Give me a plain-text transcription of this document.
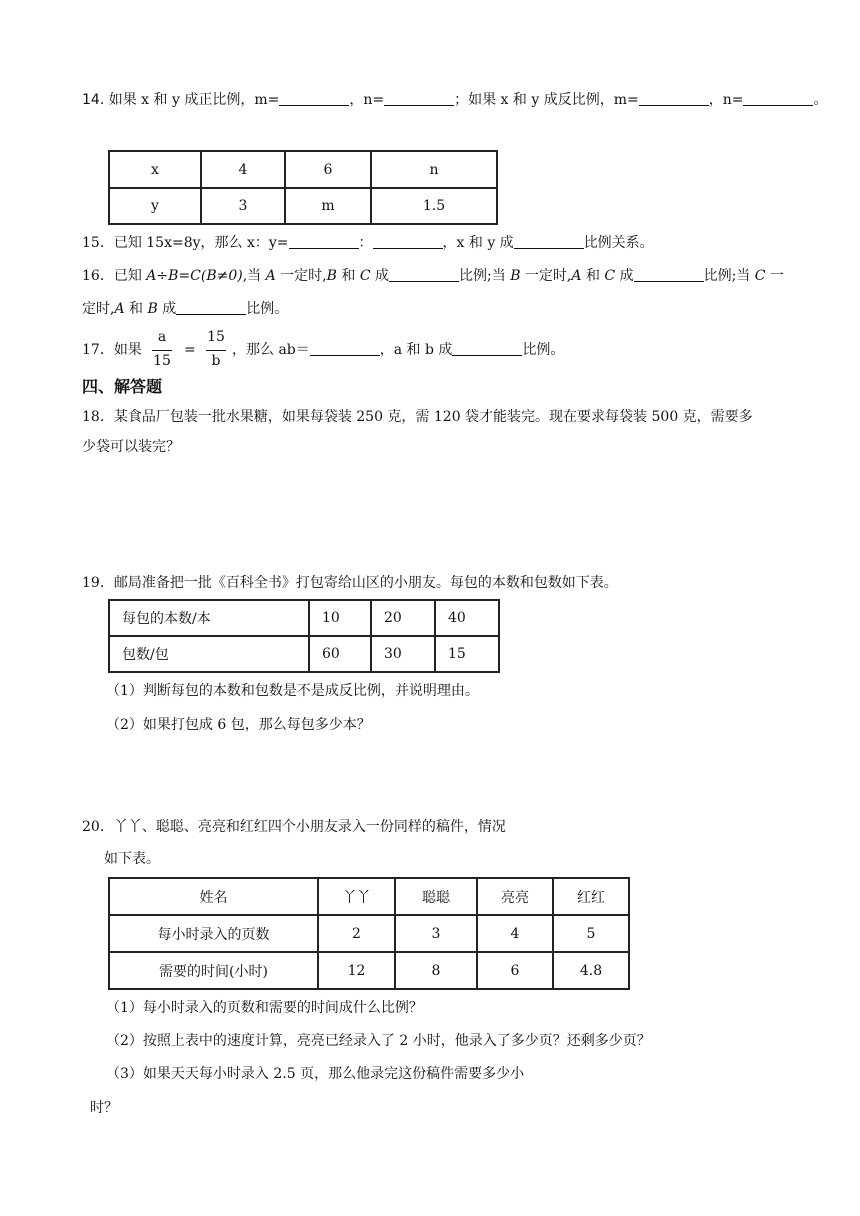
14. 如果 x 和 y 成正比例，m=	，n=	；如果 x 和 y 成反比例，m=	，n=	。
x	4	6	n
y	3	m	1.5
15．已知 15x=8y，那么 x：y=	：	，x 和 y 成	比例关系。
16．已知 A÷B=C(B≠0),当 A 一定时,B 和 C 成	比例;当 B 一定时,A 和 C 成	比例;当 C 一
定时,A 和 B 成	比例。
17．如果
a
15
=
15
b
，那么 ab＝	，a 和 b 成	比例。
四、解答题
18．某食品厂包装一批水果糖，如果每袋装 250 克，需 120 袋才能装完。现在要求每袋装 500 克，需要多
少袋可以装完？
19．邮局准备把一批《百科全书》打包寄给山区的小朋友。每包的本数和包数如下表。
每包的本数/本	10	20	40
包数/包	60	30	15
（1）判断每包的本数和包数是不是成反比例，并说明理由。
（2）如果打包成 6 包，那么每包多少本？
20．丫丫、聪聪、亮亮和红红四个小朋友录入一份同样的稿件，情况
如下表。
姓名	丫丫	聪聪	亮亮	红红
每小时录入的页数	2	3	4	5
需要的时间(小时)	12	8	6	4.8
（1）每小时录入的页数和需要的时间成什么比例？
（2）按照上表中的速度计算，亮亮已经录入了 2 小时，他录入了多少页？还剩多少页？
（3）如果天天每小时录入 2.5 页，那么他录完这份稿件需要多少小
时？
